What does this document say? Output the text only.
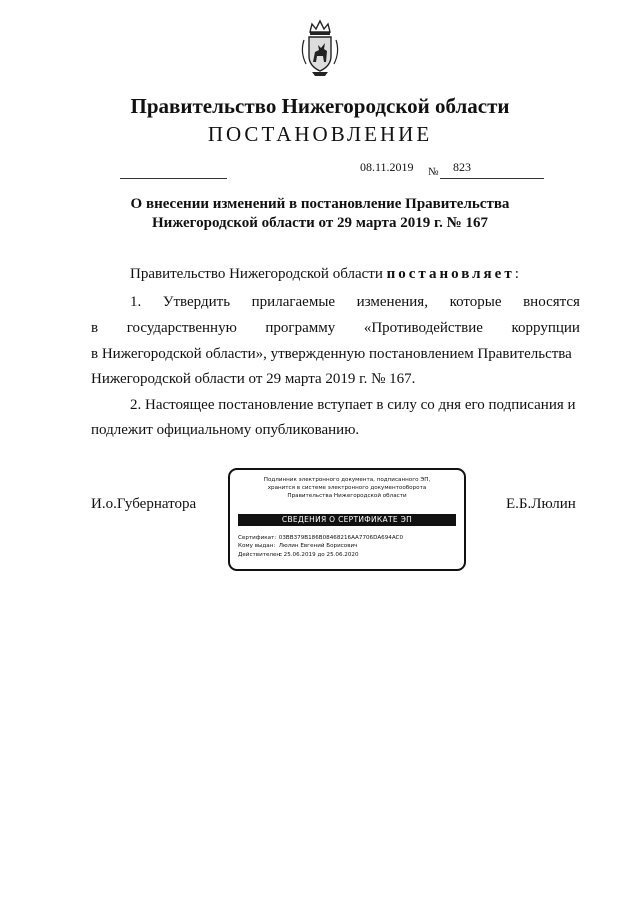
Правительство Нижегородской области
ПОСТАНОВЛЕНИЕ
08.11.2019 № 823
О внесении изменений в постановление Правительства
Нижегородской области от 29 марта 2019 г. № 167
Правительство Нижегородской области постановляет:
1. Утвердить прилагаемые изменения, которые вносятся
в государственную программу «Противодействие коррупции
в Нижегородской области», утвержденную постановлением Правительства
Нижегородской области от 29 марта 2019 г. № 167.
2. Настоящее постановление вступает в силу со дня его подписания и
подлежит официальному опубликованию.
И.о.Губернатора	Е.Б.Люлин
Подлинник электронного документа, подписанного ЭП,
хранится в системе электронного документооборота
Правительства Нижегородской области
СВЕДЕНИЯ О СЕРТИФИКАТЕ ЭП
Сертификат: 03BB379B186B08468216AA7706DA694AC0
Кому выдан: Люлин Евгений Борисович
Действителен: с 25.06.2019 до 25.06.2020
